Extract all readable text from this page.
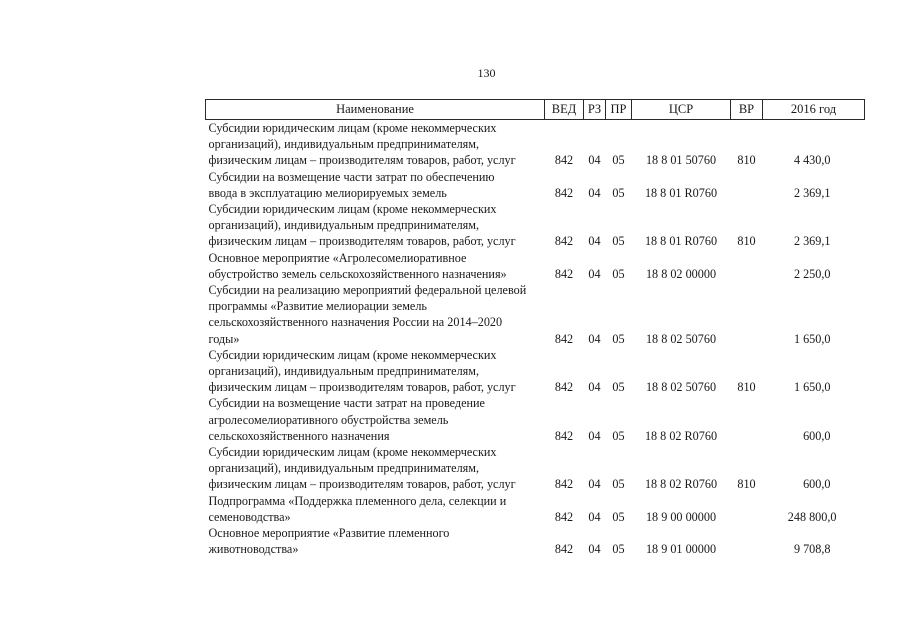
130
Наименование	ВЕД	РЗ	ПР	ЦСР	ВР	2016 год

Субсидии юридическим лицам (кроме некоммерческих
организаций), индивидуальным предпринимателям,
физическим лицам – производителям товаров, работ, услуг	842	04	05	18 8 01 50760	810	4 430,0

Субсидии на возмещение части затрат по обеспечению
ввода в эксплуатацию мелиорируемых земель	842	04	05	18 8 01 R0760		2 369,1

Субсидии юридическим лицам (кроме некоммерческих
организаций), индивидуальным предпринимателям,
физическим лицам – производителям товаров, работ, услуг	842	04	05	18 8 01 R0760	810	2 369,1

Основное мероприятие «Агролесомелиоративное
обустройство земель сельскохозяйственного назначения»	842	04	05	18 8 02 00000		2 250,0

Субсидии на реализацию мероприятий федеральной целевой
программы «Развитие мелиорации земель
сельскохозяйственного назначения России на 2014–2020
годы»	842	04	05	18 8 02 50760		1 650,0

Субсидии юридическим лицам (кроме некоммерческих
организаций), индивидуальным предпринимателям,
физическим лицам – производителям товаров, работ, услуг	842	04	05	18 8 02 50760	810	1 650,0

Субсидии на возмещение части затрат на проведение
агролесомелиоративного обустройства земель
сельскохозяйственного назначения	842	04	05	18 8 02 R0760		600,0

Субсидии юридическим лицам (кроме некоммерческих
организаций), индивидуальным предпринимателям,
физическим лицам – производителям товаров, работ, услуг	842	04	05	18 8 02 R0760	810	600,0

Подпрограмма «Поддержка племенного дела, селекции и
семеноводства»	842	04	05	18 9 00 00000		248 800,0

Основное мероприятие «Развитие племенного
животноводства»	842	04	05	18 9 01 00000		9 708,8
